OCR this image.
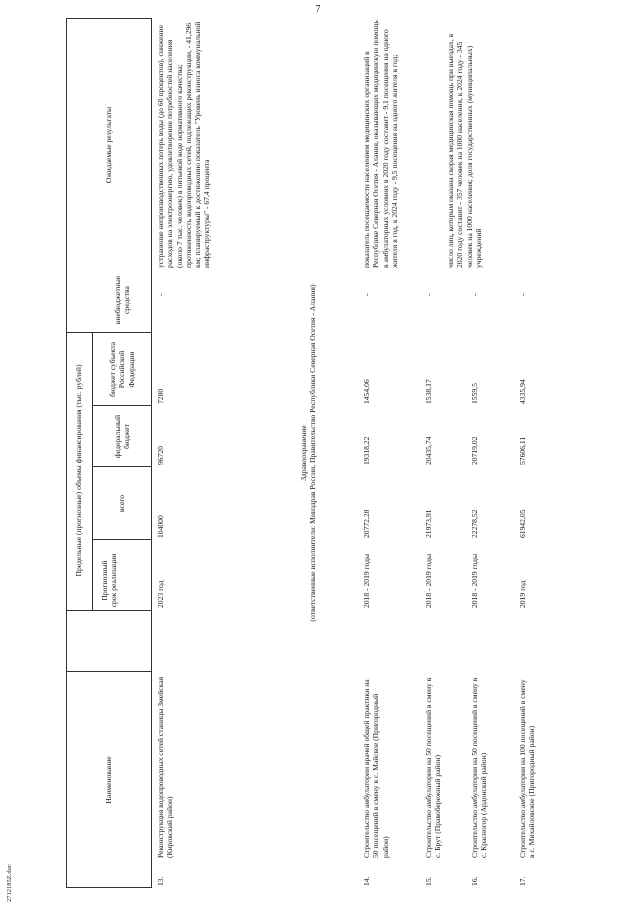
7
2712185Z.doc
Наименование
Прогнозный срок реализации
Предельные (прогнозные) объемы финансирования (тыс. рублей)	всего
федеральный бюджет
бюджет субъекта Российской Федерации
внебюджетные средства
Ожидаемые результаты
13.
Реконструкция водопроводных сетей станицы Змейская (Кировский район)
2023 год
104000
96720
7280
-
устранение непроизводственных потерь воды (до 60 процентов), снижение расходов на электроэнергию, удовлетворение потребностей населения (около 7 тыс. человек) в питьевой воде нормативного качества; протяженность водопроводных сетей, подлежащих реконструкции, - 41,296 км; планируемый к достижению показатель "Уровень износа коммунальной инфраструктуры" - 67,4 процента
Здравоохранение (ответственные исполнители: Минздрав России, Правительство Республики Северная Осетия - Алания)
14.
Строительство амбулатории врачей общей практики на 50 посещений в смену в с. Майское (Пригородный район)
2018 - 2019 годы
20772,28
19318,22
1454,06
-
показатель посещаемости населением медицинских организаций в Республике Северная Осетия - Алания, оказывающих медицинскую помощь в амбулаторных условиях в 2020 году составит - 9,1 посещения на одного жителя в год, к 2024 году - 9,5 посещения на одного жителя в год;
15.
Строительство амбулатории на 50 посещений в смену в с. Брут (Правобережный район)
2018 - 2019 годы
21973,91
20435,74
1538,17
-
16.
Строительство амбулатории на 50 посещений в смену в с. Красногор (Ардонский район)
2018 - 2019 годы
22278,52
20719,02
1559,5
-
число лиц, которым оказана скорая медицинская помощь при выездах, в 2020 году составит - 357 человек на 1000 населения, к 2024 году - 345 человек на 1000 населения; доля государственных (муниципальных) учреждений
17.
Строительство амбулатории на 100 посещений в смену в с. Михайловское (Пригородный район)
2019 год
61942,05
57606,11
4335,94
-
